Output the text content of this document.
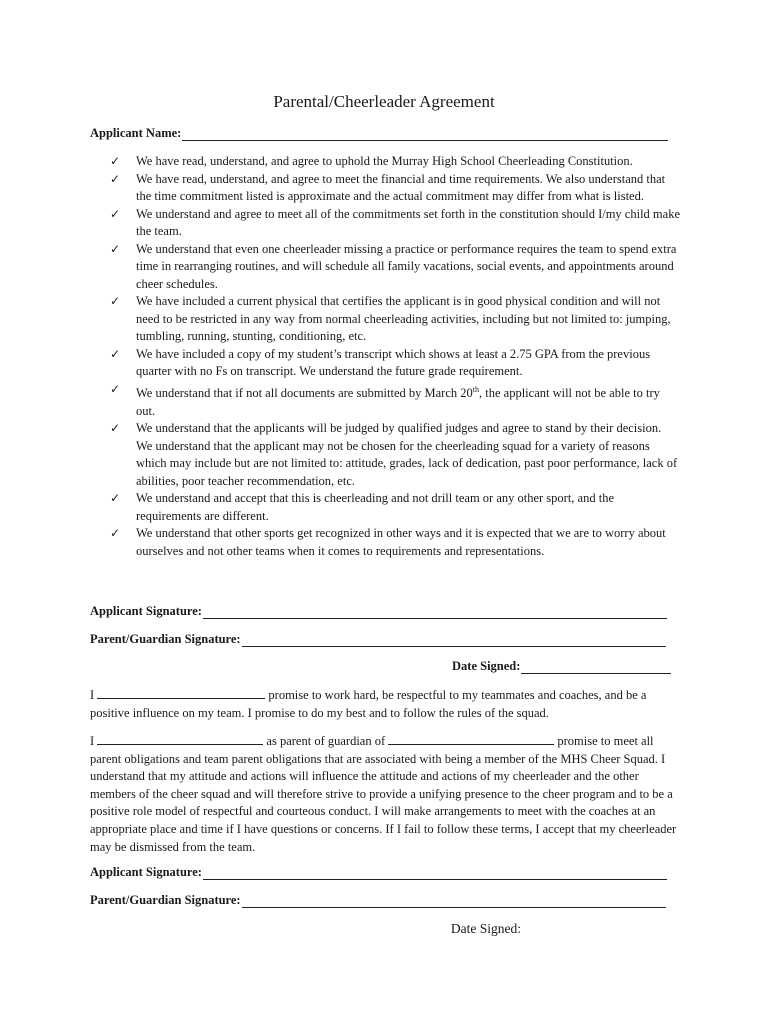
Parental/Cheerleader Agreement
Applicant Name:
✓ We have read, understand, and agree to uphold the Murray High School Cheerleading Constitution.
✓ We have read, understand, and agree to meet the financial and time requirements. We also understand that the time commitment listed is approximate and the actual commitment may differ from what is listed.
✓ We understand and agree to meet all of the commitments set forth in the constitution should I/my child make the team.
✓ We understand that even one cheerleader missing a practice or performance requires the team to spend extra time in rearranging routines, and will schedule all family vacations, social events, and appointments around cheer schedules.
✓ We have included a current physical that certifies the applicant is in good physical condition and will not need to be restricted in any way from normal cheerleading activities, including but not limited to: jumping, tumbling, running, stunting, conditioning, etc.
✓ We have included a copy of my student’s transcript which shows at least a 2.75 GPA from the previous quarter with no Fs on transcript. We understand the future grade requirement.
✓ We understand that if not all documents are submitted by March 20th, the applicant will not be able to try out.
✓ We understand that the applicants will be judged by qualified judges and agree to stand by their decision. We understand that the applicant may not be chosen for the cheerleading squad for a variety of reasons which may include but are not limited to: attitude, grades, lack of dedication, past poor performance, lack of abilities, poor teacher recommendation, etc.
✓ We understand and accept that this is cheerleading and not drill team or any other sport, and the requirements are different.
✓ We understand that other sports get recognized in other ways and it is expected that we are to worry about ourselves and not other teams when it comes to requirements and representations.
Applicant Signature:
Parent/Guardian Signature:
Date Signed:

I	promise to work hard, be respectful to my teammates and coaches, and be a positive influence on my team. I promise to do my best and to follow the rules of the squad.

I	as parent of guardian of	promise to meet all parent obligations and team parent obligations that are associated with being a member of the MHS Cheer Squad. I understand that my attitude and actions will influence the attitude and actions of my cheerleader and the other members of the cheer squad and will therefore strive to provide a unifying presence to the cheer program and to be a positive role model of respectful and courteous conduct. I will make arrangements to meet with the coaches at an appropriate place and time if I have questions or concerns. If I fail to follow these terms, I accept that my cheerleader may be dismissed from the team.

Applicant Signature:
Parent/Guardian Signature:
Date Signed:
